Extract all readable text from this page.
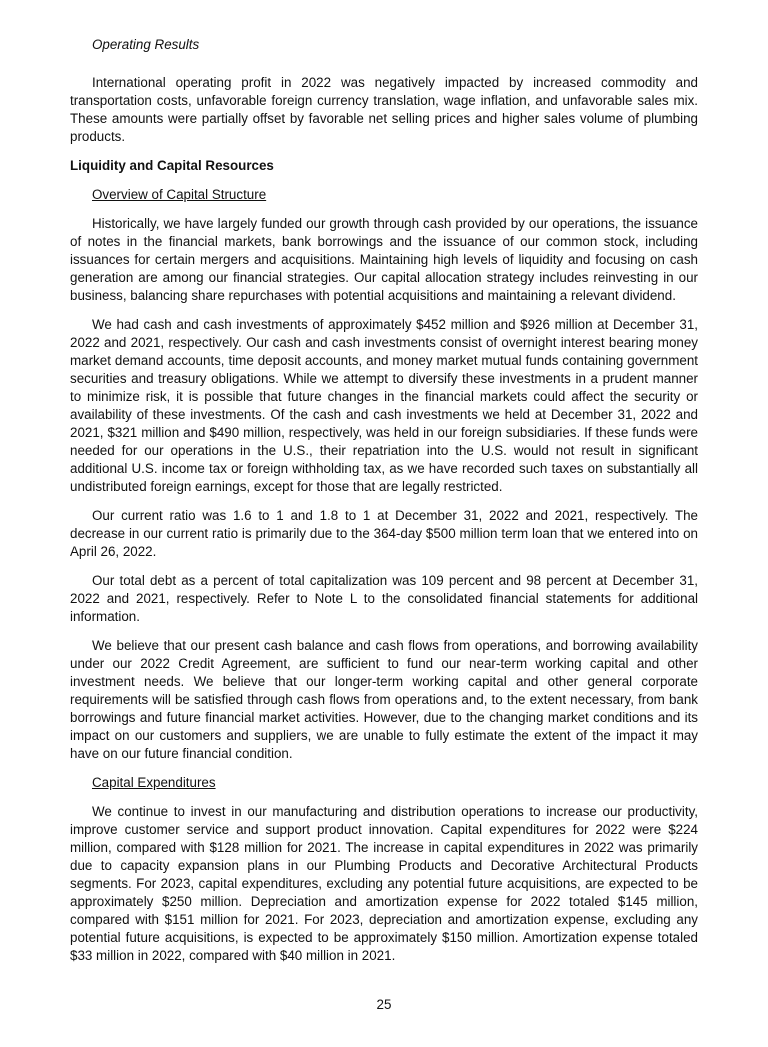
Operating Results

International operating profit in 2022 was negatively impacted by increased commodity and transportation costs, unfavorable foreign currency translation, wage inflation, and unfavorable sales mix. These amounts were partially offset by favorable net selling prices and higher sales volume of plumbing products.

Liquidity and Capital Resources
Overview of Capital Structure

Historically, we have largely funded our growth through cash provided by our operations, the issuance of notes in the financial markets, bank borrowings and the issuance of our common stock, including issuances for certain mergers and acquisitions. Maintaining high levels of liquidity and focusing on cash generation are among our financial strategies. Our capital allocation strategy includes reinvesting in our business, balancing share repurchases with potential acquisitions and maintaining a relevant dividend.

We had cash and cash investments of approximately $452 million and $926 million at December 31, 2022 and 2021, respectively. Our cash and cash investments consist of overnight interest bearing money market demand accounts, time deposit accounts, and money market mutual funds containing government securities and treasury obligations. While we attempt to diversify these investments in a prudent manner to minimize risk, it is possible that future changes in the financial markets could affect the security or availability of these investments. Of the cash and cash investments we held at December 31, 2022 and 2021, $321 million and $490 million, respectively, was held in our foreign subsidiaries. If these funds were needed for our operations in the U.S., their repatriation into the U.S. would not result in significant additional U.S. income tax or foreign withholding tax, as we have recorded such taxes on substantially all undistributed foreign earnings, except for those that are legally restricted.

Our current ratio was 1.6 to 1 and 1.8 to 1 at December 31, 2022 and 2021, respectively. The decrease in our current ratio is primarily due to the 364-day $500 million term loan that we entered into on April 26, 2022.

Our total debt as a percent of total capitalization was 109 percent and 98 percent at December 31, 2022 and 2021, respectively. Refer to Note L to the consolidated financial statements for additional information.

We believe that our present cash balance and cash flows from operations, and borrowing availability under our 2022 Credit Agreement, are sufficient to fund our near-term working capital and other investment needs. We believe that our longer-term working capital and other general corporate requirements will be satisfied through cash flows from operations and, to the extent necessary, from bank borrowings and future financial market activities. However, due to the changing market conditions and its impact on our customers and suppliers, we are unable to fully estimate the extent of the impact it may have on our future financial condition.

Capital Expenditures

We continue to invest in our manufacturing and distribution operations to increase our productivity, improve customer service and support product innovation. Capital expenditures for 2022 were $224 million, compared with $128 million for 2021. The increase in capital expenditures in 2022 was primarily due to capacity expansion plans in our Plumbing Products and Decorative Architectural Products segments. For 2023, capital expenditures, excluding any potential future acquisitions, are expected to be approximately $250 million. Depreciation and amortization expense for 2022 totaled $145 million, compared with $151 million for 2021. For 2023, depreciation and amortization expense, excluding any potential future acquisitions, is expected to be approximately $150 million. Amortization expense totaled $33 million in 2022, compared with $40 million in 2021.

25
